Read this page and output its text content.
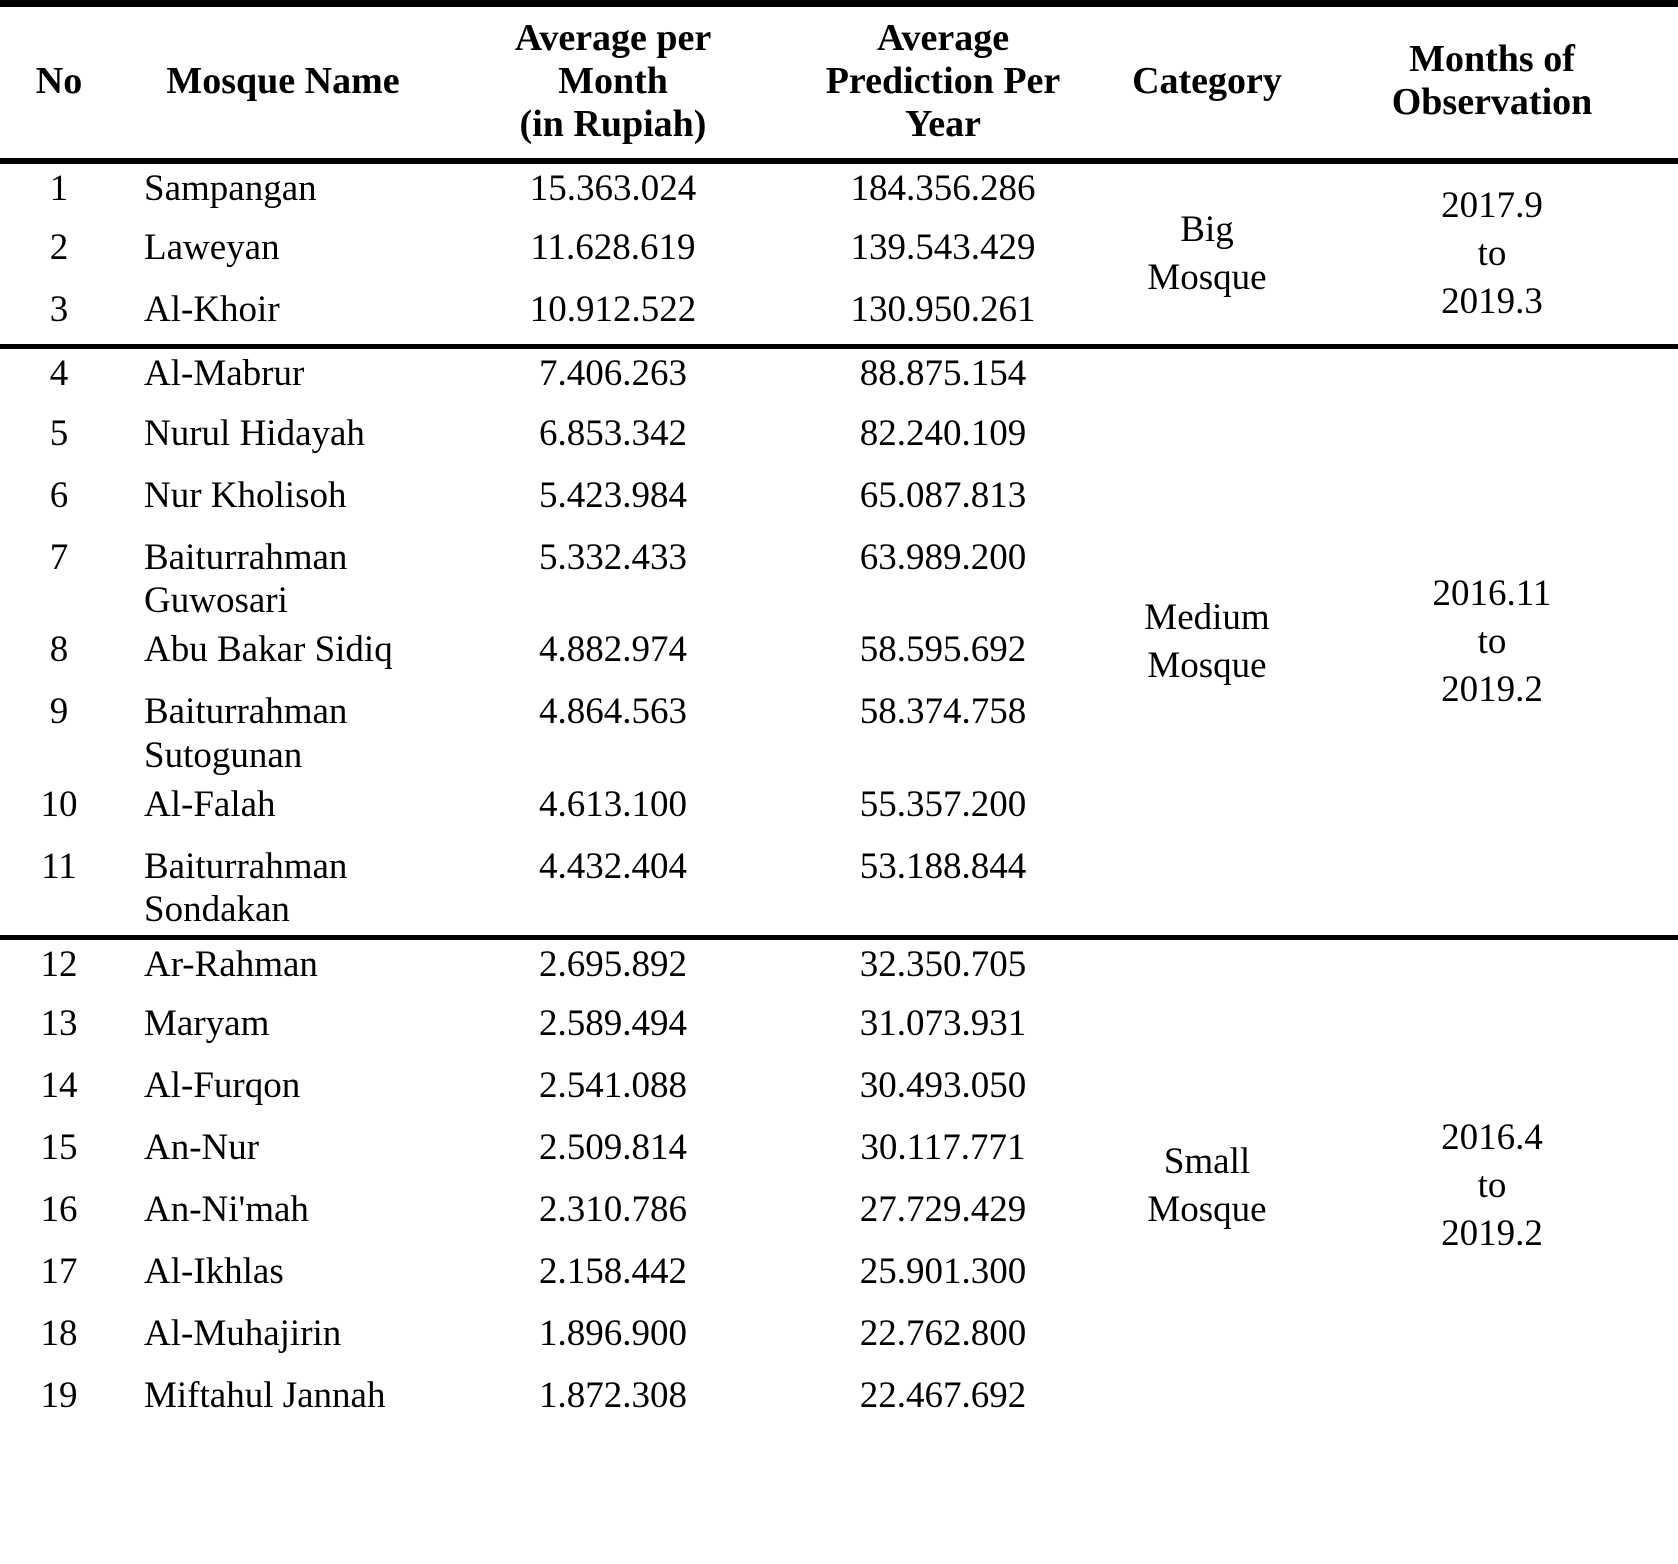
No	Mosque Name	Average per
Month
(in Rupiah)	Average
Prediction Per
Year	Category	Months of
Observation

1	Sampangan	15.363.024	184.356.286	Big
Mosque	2017.9
to
2019.3

2	Laweyan	11.628.619	139.543.429		
3	Al-Khoir	10.912.522	130.950.261		
4	Al-Mabrur	7.406.263	88.875.154	Medium
Mosque	2016.11
to
2019.2

5	Nurul Hidayah	6.853.342	82.240.109		
6	Nur Kholisoh	5.423.984	65.087.813		
7	Baiturrahman
Guwosari	5.332.433	63.989.200		
8	Abu Bakar Sidiq	4.882.974	58.595.692		
9	Baiturrahman
Sutogunan	4.864.563	58.374.758		
10	Al-Falah	4.613.100	55.357.200		
11	Baiturrahman
Sondakan	4.432.404	53.188.844		
12	Ar-Rahman	2.695.892	32.350.705	Small
Mosque	2016.4
to
2019.2

13	Maryam	2.589.494	31.073.931		
14	Al-Furqon	2.541.088	30.493.050		
15	An-Nur	2.509.814	30.117.771		
16	An-Ni'mah	2.310.786	27.729.429		
17	Al-Ikhlas	2.158.442	25.901.300		
18	Al-Muhajirin	1.896.900	22.762.800		
19	Miftahul Jannah	1.872.308	22.467.692		
